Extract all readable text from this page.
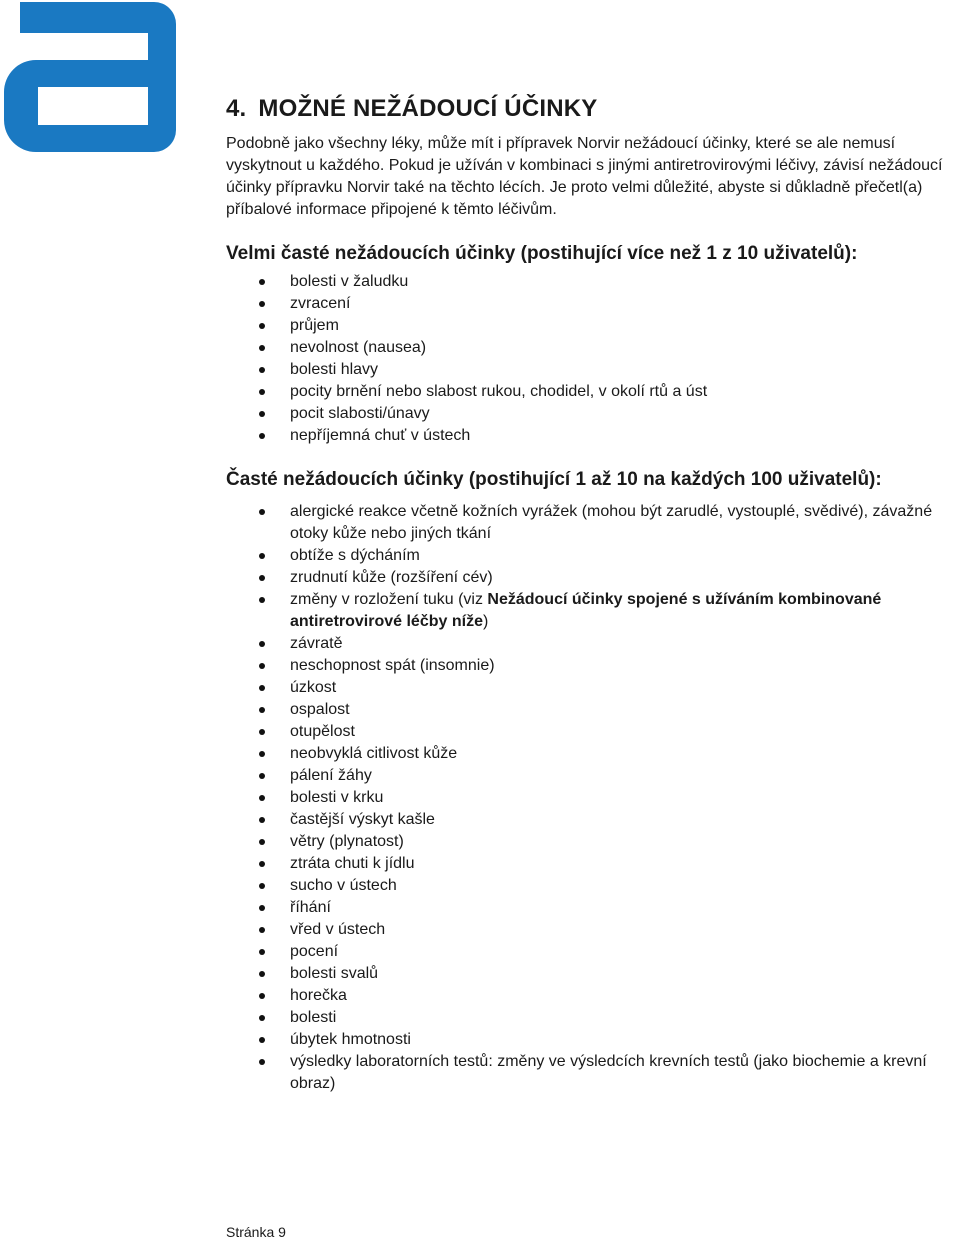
4. MOŽNÉ NEŽÁDOUCÍ ÚČINKY

Podobně jako všechny léky, může mít i přípravek Norvir nežádoucí účinky, které se ale nemusí vyskytnout u každého. Pokud je užíván v kombinaci s jinými antiretrovirovými léčivy, závisí nežádoucí účinky přípravku Norvir také na těchto lécích. Je proto velmi důležité, abyste si důkladně přečetl(a) příbalové informace připojené k těmto léčivům.

Velmi časté nežádoucích účinky (postihující více než 1 z 10 uživatelů):
bolesti v žaludku
zvracení
průjem
nevolnost (nausea)
bolesti hlavy
pocity brnění nebo slabost rukou, chodidel, v okolí rtů a úst
pocit slabosti/únavy
nepříjemná chuť v ústech
Časté nežádoucích účinky (postihující 1 až 10 na každých 100 uživatelů):
alergické reakce včetně kožních vyrážek (mohou být zarudlé, vystouplé, svědivé), závažné otoky kůže nebo jiných tkání
obtíže s dýcháním
zrudnutí kůže (rozšíření cév)
změny v rozložení tuku (viz Nežádoucí účinky spojené s užíváním kombinované antiretrovirové léčby níže)
závratě
neschopnost spát (insomnie)
úzkost
ospalost
otupělost
neobvyklá citlivost kůže
pálení žáhy
bolesti v krku
častější výskyt kašle
větry (plynatost)
ztráta chuti k jídlu
sucho v ústech
říhání
vřed v ústech
pocení
bolesti svalů
horečka
bolesti
úbytek hmotnosti
výsledky laboratorních testů: změny ve výsledcích krevních testů (jako biochemie a krevní obraz)
Stránka 9
